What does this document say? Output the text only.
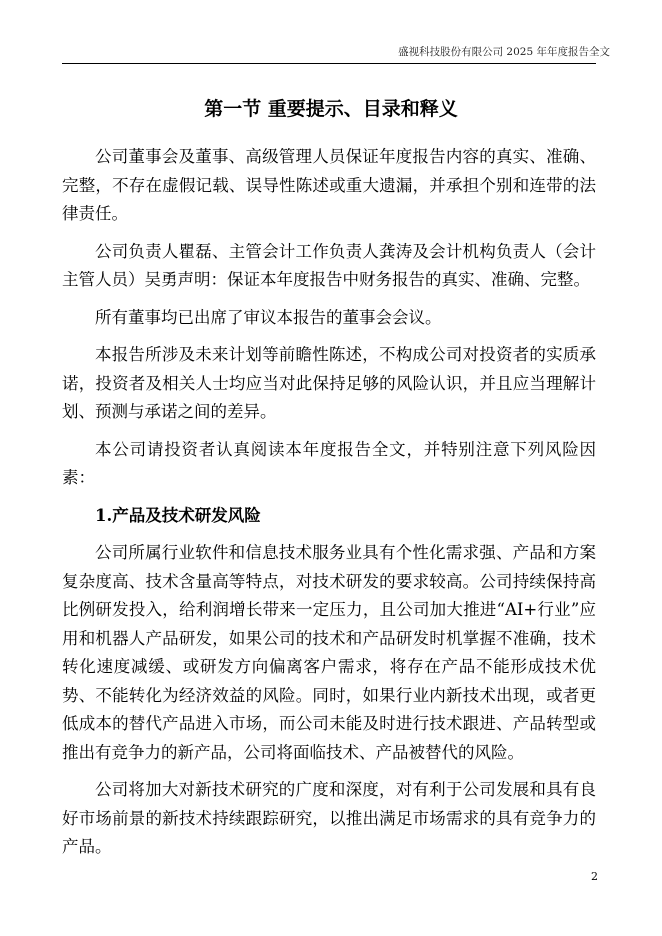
盛视科技股份有限公司 2025 年年度报告全文
第一节 重要提示、目录和释义

公司董事会及董事、高级管理人员保证年度报告内容的真实、准确、完整，不存在虚假记载、误导性陈述或重大遗漏，并承担个别和连带的法律责任。

公司负责人瞿磊、主管会计工作负责人龚涛及会计机构负责人（会计主管人员）吴勇声明：保证本年度报告中财务报告的真实、准确、完整。

所有董事均已出席了审议本报告的董事会会议。

本报告所涉及未来计划等前瞻性陈述，不构成公司对投资者的实质承诺，投资者及相关人士均应当对此保持足够的风险认识，并且应当理解计划、预测与承诺之间的差异。

本公司请投资者认真阅读本年度报告全文，并特别注意下列风险因素：

1.产品及技术研发风险

公司所属行业软件和信息技术服务业具有个性化需求强、产品和方案复杂度高、技术含量高等特点，对技术研发的要求较高。公司持续保持高比例研发投入，给利润增长带来一定压力，且公司加大推进“AI+行业”应用和机器人产品研发，如果公司的技术和产品研发时机掌握不准确，技术转化速度减缓、或研发方向偏离客户需求，将存在产品不能形成技术优势、不能转化为经济效益的风险。同时，如果行业内新技术出现，或者更低成本的替代产品进入市场，而公司未能及时进行技术跟进、产品转型或推出有竞争力的新产品，公司将面临技术、产品被替代的风险。

公司将加大对新技术研究的广度和深度，对有利于公司发展和具有良好市场前景的新技术持续跟踪研究，以推出满足市场需求的具有竞争力的产品。

2
